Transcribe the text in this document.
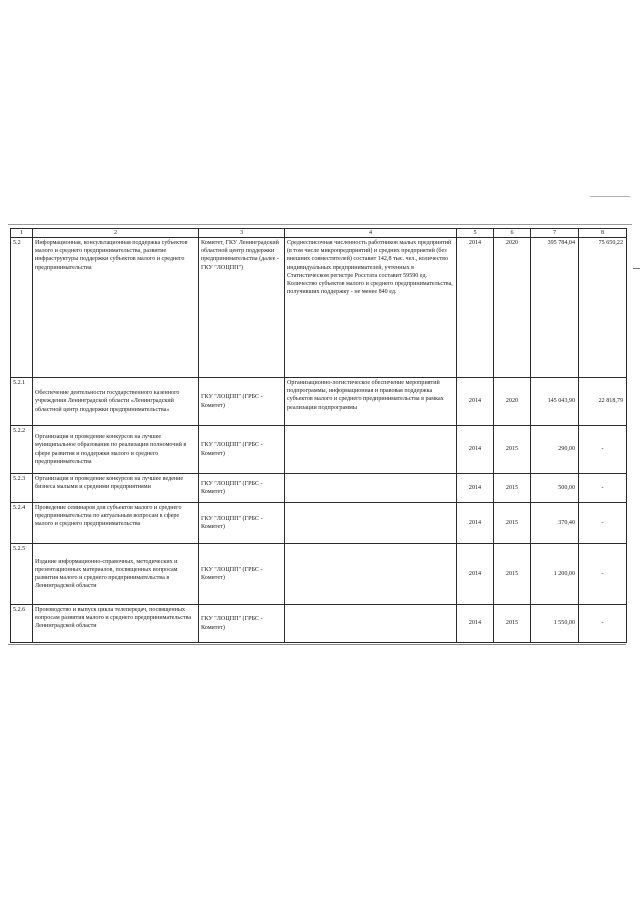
1	2	3	4	5	6	7	8
5.2	Информационная, консультационная поддержка субъектов малого и среднего предпринимательства, развитие инфраструктуры поддержки субъектов малого и среднего предпринимательства	Комитет, ГКУ Ленинградский областной центр поддержки предпринимательства (далее - ГКУ "ЛОЦПП")	Среднесписочная численность работников малых предприятий (в том числе микропредприятий) и средних предприятий (без внешних совместителей) составит 142,8 тыс. чел., количество индивидуальных предпринимателей, учтенных в Статистическом регистре Росстата составит 59590 ед. Количество субъектов малого и среднего предпринимательства, получивших поддержку - не менее 840 ед.	2014	2020	395 784,04	75 650,22
5.2.1	Обеспечение деятельности государственного казенного учреждения Ленинградской области «Ленинградский областной центр поддержки предпринимательства»	ГКУ "ЛОЦПП" (ГРБС - Комитет)	Организационно-логистическое обеспечение мероприятий подпрограммы, информационная и правовая поддержка субъектов малого и среднего предпринимательства в рамках реализации подпрограммы	2014	2020	145 043,90	22 818,79
5.2.2	Организация и проведение конкурсов на лучшее муниципальное образование по реализации полномочий в сфере развития и поддержки малого и среднего предпринимательства	ГКУ "ЛОЦПП" (ГРБС - Комитет)		2014	2015	290,00	-
5.2.3	Организация и проведение конкурсов на лучшее ведение бизнеса малыми и средними предприятиями	ГКУ "ЛОЦПП" (ГРБС - Комитет)		2014	2015	500,00	-
5.2.4	Проведение семинаров для субъектов малого и среднего предпринимательства по актуальным вопросам в сфере малого и среднего предпринимательства	ГКУ "ЛОЦПП" (ГРБС - Комитет)		2014	2015	370,40	-
5.2.5	Издание информационно-справочных, методических и презентационных материалов, посвященных вопросам развития малого и среднего предпринимательства в Ленинградской области	ГКУ "ЛОЦПП" (ГРБС - Комитет)		2014	2015	1 200,00	-
5.2.6	Производство и выпуск цикла телепередач, посвященных вопросам развития малого и среднего предпринимательства Ленинградской области	ГКУ "ЛОЦПП" (ГРБС - Комитет)		2014	2015	1 550,00	-
